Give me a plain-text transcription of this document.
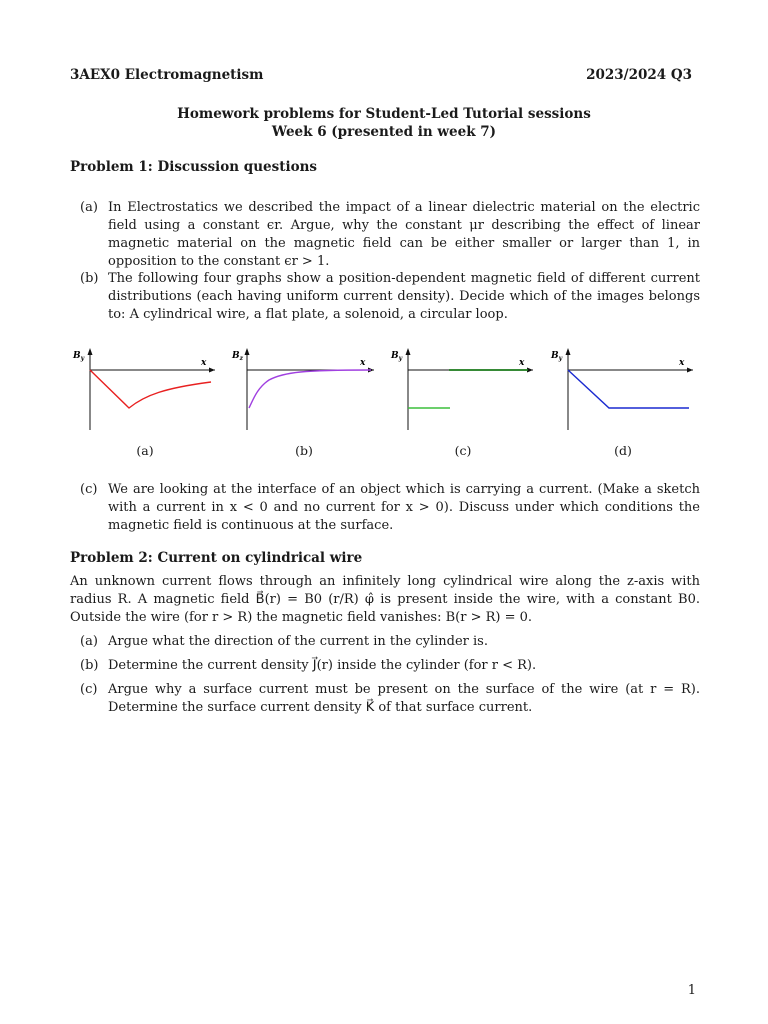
3AEX0 Electromagnetism	2023/2024 Q3
Homework problems for Student-Led Tutorial sessions
Week 6 (presented in week 7)
Problem 1: Discussion questions
(a) In Electrostatics we described the impact of a linear dielectric material on the electric field using a constant ϵr. Argue, why the constant μr describing the effect of linear magnetic material on the magnetic field can be either smaller or larger than 1, in opposition to the constant ϵr > 1.
(b) The following four graphs show a position-dependent magnetic field of different current distributions (each having uniform current density). Decide which of the images belongs to: A cylindrical wire, a flat plate, a solenoid, a circular loop.
$B_y$	x
$B_z$	x
$B_y$	x
$B_y$	x
(a)	(b)	(c)	(d)
(c) We are looking at the interface of an object which is carrying a current. (Make a sketch with a current in x < 0 and no current for x > 0). Discuss under which conditions the magnetic field is continuous at the surface.
Problem 2: Current on cylindrical wire
An unknown current flows through an infinitely long cylindrical wire along the z-axis with radius R. A magnetic field B⃗(r) = B0 (r/R) φ̂ is present inside the wire, with a constant B0. Outside the wire (for r > R) the magnetic field vanishes: B(r > R) = 0.
(a) Argue what the direction of the current in the cylinder is.
(b) Determine the current density J⃗(r) inside the cylinder (for r < R).
(c) Argue why a surface current must be present on the surface of the wire (at r = R). Determine the surface current density K⃗ of that surface current.
1
